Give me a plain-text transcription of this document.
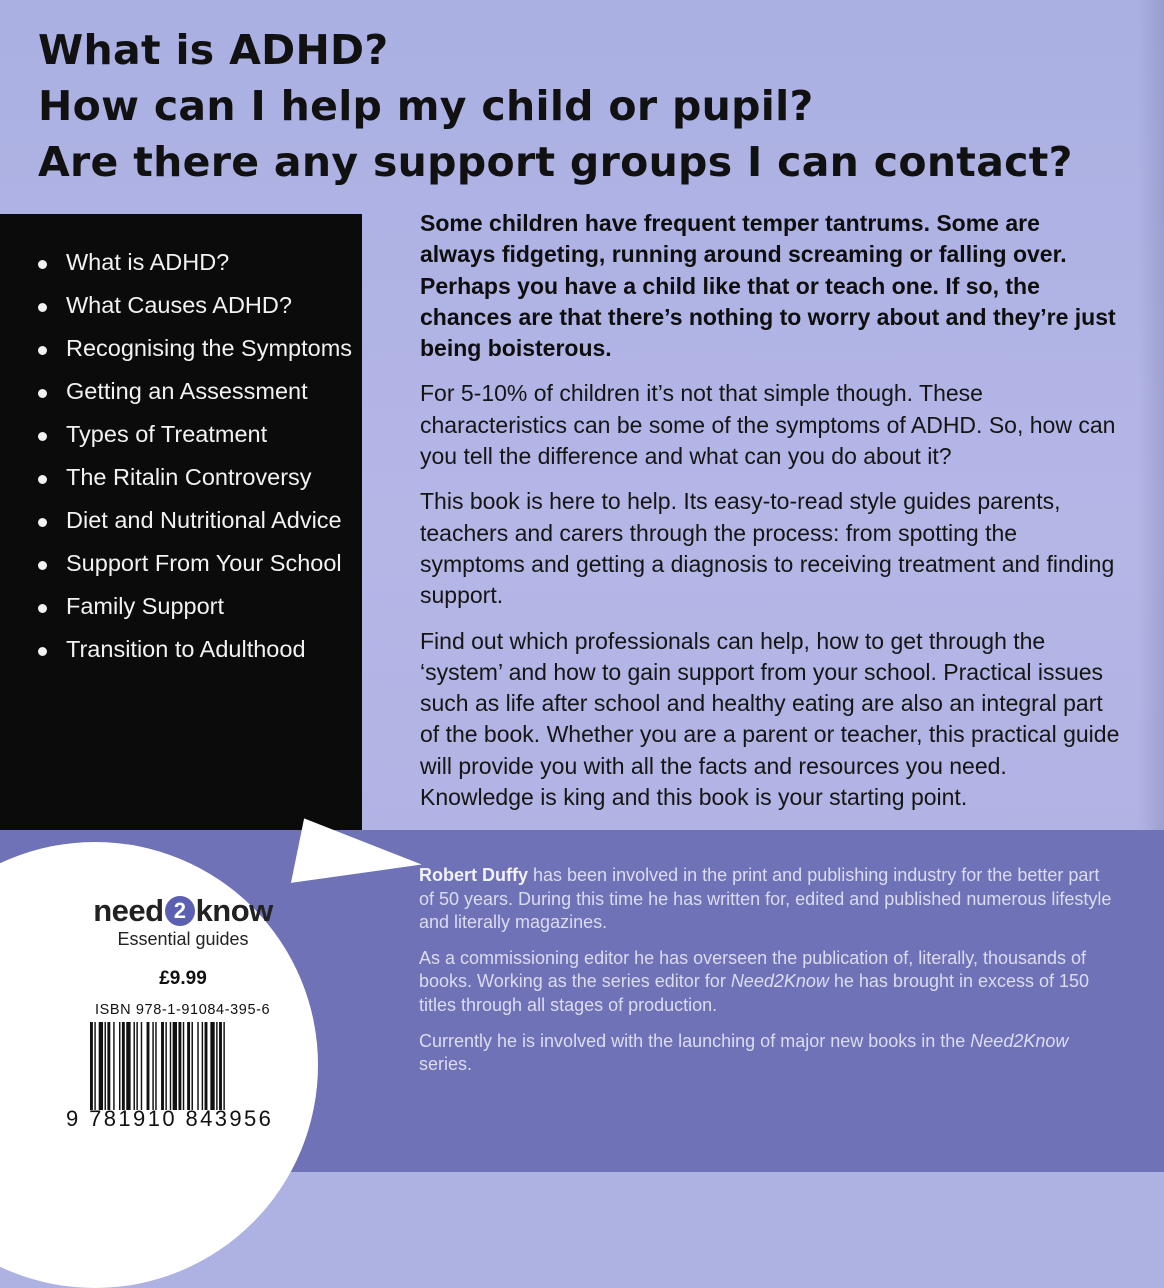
What is ADHD?
How can I help my child or pupil?
Are there any support groups I can contact?
What is ADHD?
What Causes ADHD?
Recognising the Symptoms
Getting an Assessment
Types of Treatment
The Ritalin Controversy
Diet and Nutritional Advice
Support From Your School
Family Support
Transition to Adulthood

Some children have frequent temper tantrums. Some are always fidgeting, running around screaming or falling over. Perhaps you have a child like that or teach one. If so, the chances are that there’s nothing to worry about and they’re just being boisterous.

For 5-10% of children it’s not that simple though. These characteristics can be some of the symptoms of ADHD. So, how can you tell the difference and what can you do about it?

This book is here to help. Its easy-to-read style guides parents, teachers and carers through the process: from spotting the symptoms and getting a diagnosis to receiving treatment and finding support.

Find out which professionals can help, how to get through the ‘system’ and how to gain support from your school. Practical issues such as life after school and healthy eating are also an integral part of the book. Whether you are a parent or teacher, this practical guide will provide you with all the facts and resources you need. Knowledge is king and this book is your starting point.

Robert Duffy has been involved in the print and publishing industry for the better part of 50 years. During this time he has written for, edited and published numerous lifestyle and literally magazines.

As a commissioning editor he has overseen the publication of, literally, thousands of books. Working as the series editor for Need2Know he has brought in excess of 150 titles through all stages of production.

Currently he is involved with the launching of major new books in the Need2Know series.

need 2 know
Essential guides
£9.99
ISBN 978-1-91084-395-6
9 781910 843956
